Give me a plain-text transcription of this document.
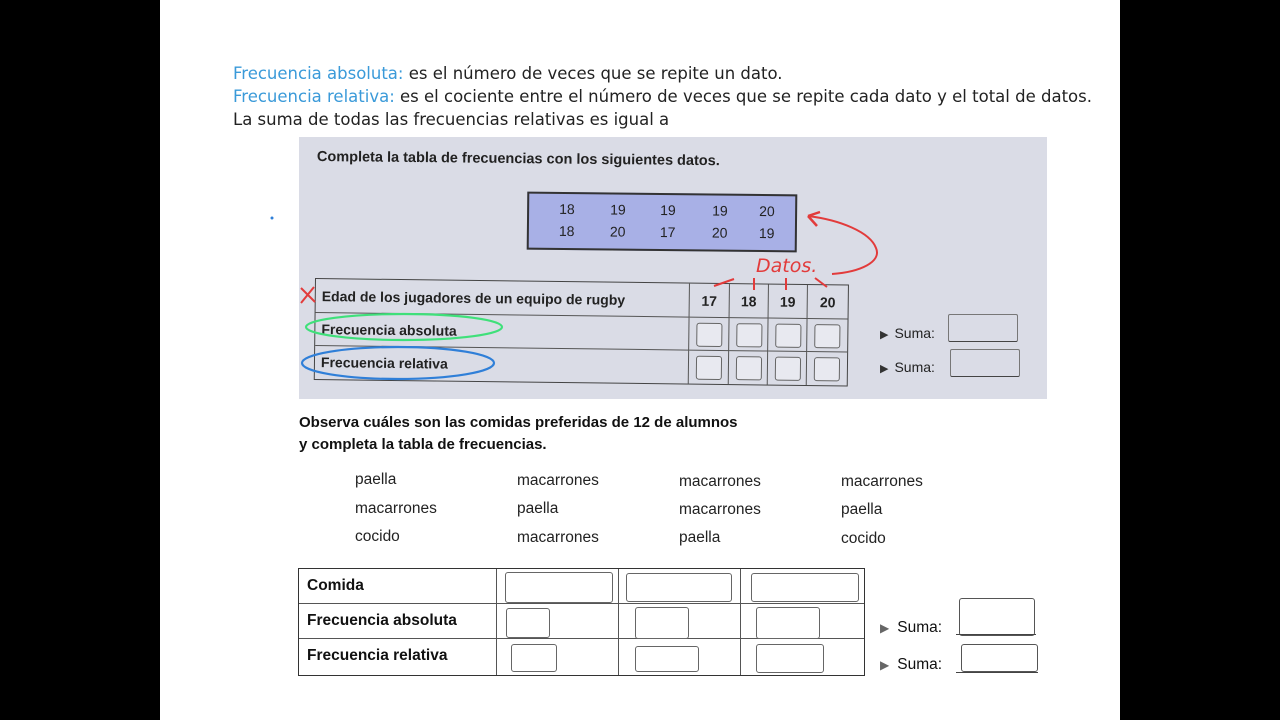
Frecuencia absoluta: es el número de veces que se repite un dato.
Frecuencia relativa: es el cociente entre el número de veces que se repite cada dato y el total de datos.
La suma de todas las frecuencias relativas es igual a
Completa la tabla de frecuencias con los siguientes datos.
18	19 19	19 20
18	20 17	20 19
Edad de los jugadores de un equipo de rugby	17	18	19	20
Frecuencia absoluta
Frecuencia relativa
▶ Suma:
▶ Suma:
Observa cuáles son las comidas preferidas de 12 de alumnos
y completa la tabla de frecuencias.
paella	macarrones	macarrones	macarrones
macarrones	paella	macarrones	paella
cocido	macarrones	paella	cocido
Comida
Frecuencia absoluta
Frecuencia relativa
▶ Suma:
▶ Suma:
Datos.
